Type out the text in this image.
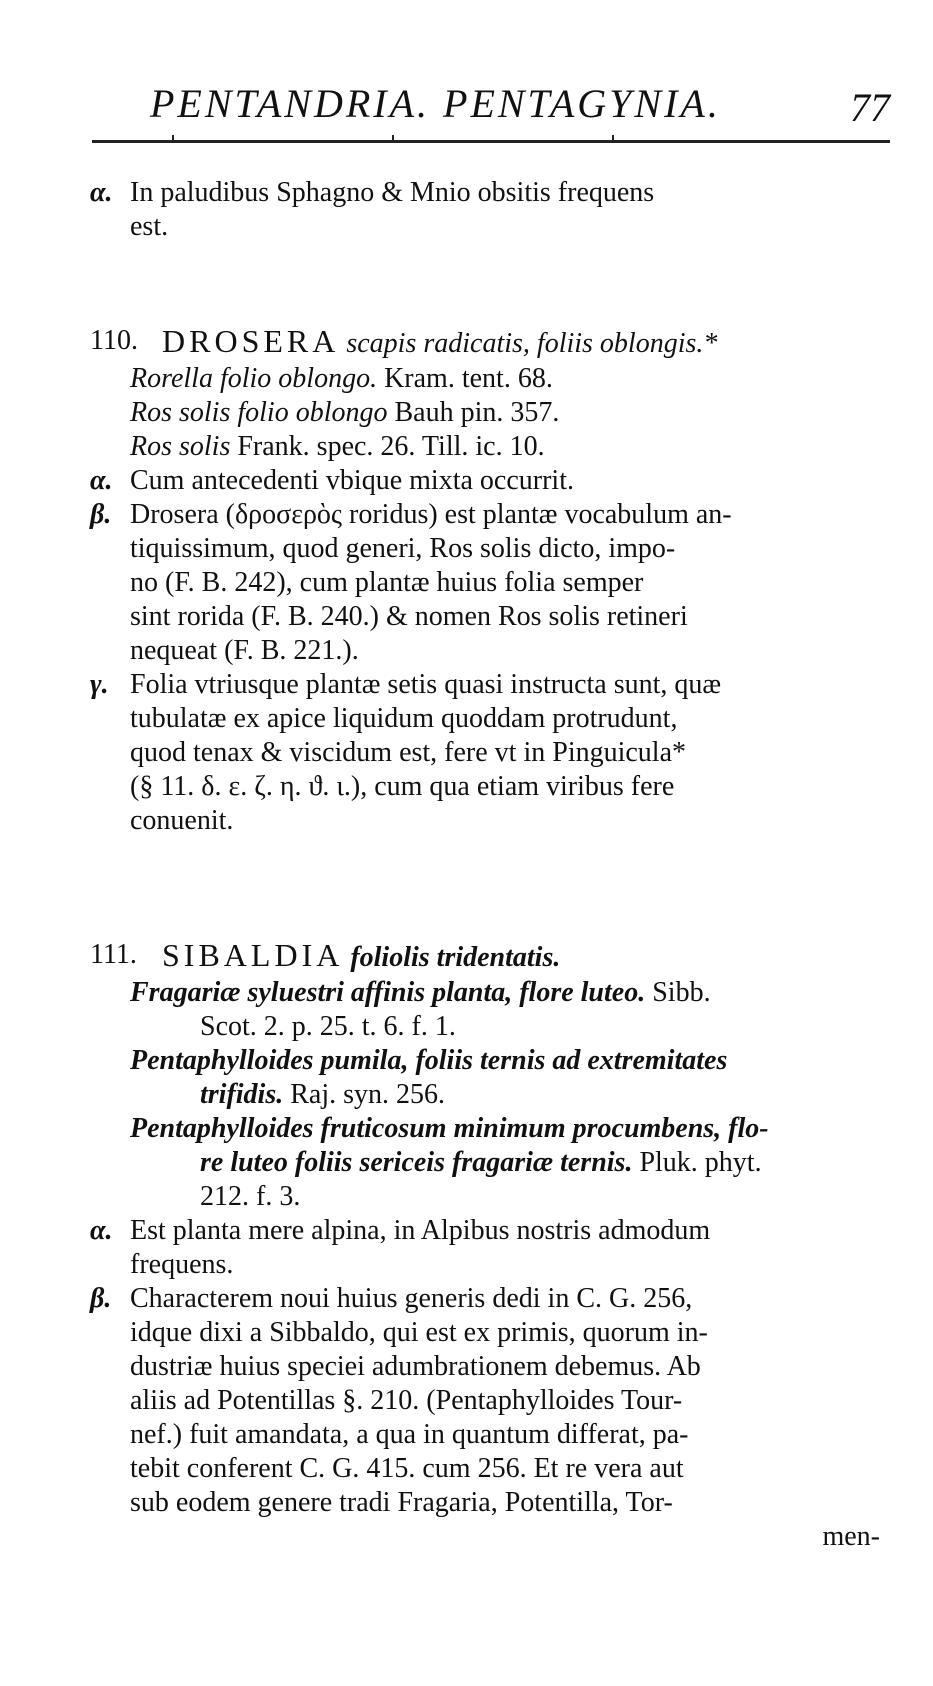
PENTANDRIA. PENTAGYNIA.	77
α. In paludibus Sphagno & Mnio obsitis frequens
est.
110. DROSERA scapis radicatis, foliis oblongis.*
Rorella folio oblongo. Kram. tent. 68.
Ros solis folio oblongo Bauh pin. 357.
Ros solis Frank. spec. 26. Till. ic. 10.
α. Cum antecedenti vbique mixta occurrit.
β. Drosera (δροσερὸς roridus) est plantæ vocabulum an-
tiquissimum, quod generi, Ros solis dicto, impo-
no (F. B. 242), cum plantæ huius folia semper
sint rorida (F. B. 240.) & nomen Ros solis retineri
nequeat (F. B. 221.).
γ. Folia vtriusque plantæ setis quasi instructa sunt, quæ
tubulatæ ex apice liquidum quoddam protrudunt,
quod tenax & viscidum est, fere vt in Pinguicula*
(§ 11. δ. ε. ζ. η. ϑ. ι.), cum qua etiam viribus fere
conuenit.
111. SIBALDIA foliolis tridentatis.
Fragariæ syluestri affinis planta, flore luteo. Sibb.
Scot. 2. p. 25. t. 6. f. 1.
Pentaphylloides pumila, foliis ternis ad extremitates
trifidis. Raj. syn. 256.
Pentaphylloides fruticosum minimum procumbens, flo-
re luteo foliis sericeis fragariæ ternis. Pluk. phyt.
212. f. 3.
α. Est planta mere alpina, in Alpibus nostris admodum
frequens.
β. Characterem noui huius generis dedi in C. G. 256,
idque dixi a Sibbaldo, qui est ex primis, quorum in-
dustriæ huius speciei adumbrationem debemus. Ab
aliis ad Potentillas §. 210. (Pentaphylloides Tour-
nef.) fuit amandata, a qua in quantum differat, pa-
tebit conferent C. G. 415. cum 256. Et re vera aut
sub eodem genere tradi Fragaria, Potentilla, Tor-
men-
